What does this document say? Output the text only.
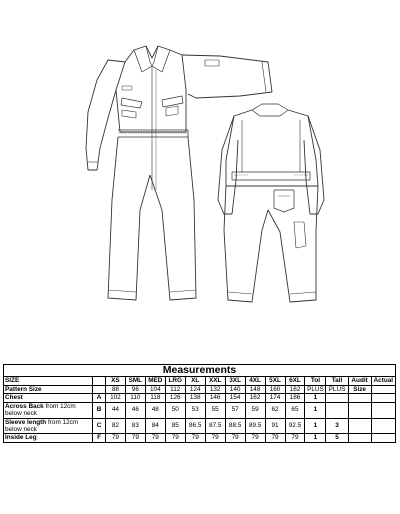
Measurements															
SIZE		XS	SML	MED	LRG	XL	XXL	3XL	4XL	5XL	6XL	Tol	Tall	Audit	Actual
Pattern Size		88	96	104	112	124	132	140	148	160	162	PLUS	PLUS	Size	
Chest	A	102	110	118	126	138	146	154	162	174	186	1			
Across Back from 12cm below neck	B	44	46	48	50	53	55	57	59	62	65	1			
Sleeve length from 12cm below neck	C	82	83	84	85	86.5	87.5	88.5	89.5	91	92.5	1	3		
Inside Leg	F	79	79	79	79	79	79	79	79	79	79	1	5		
